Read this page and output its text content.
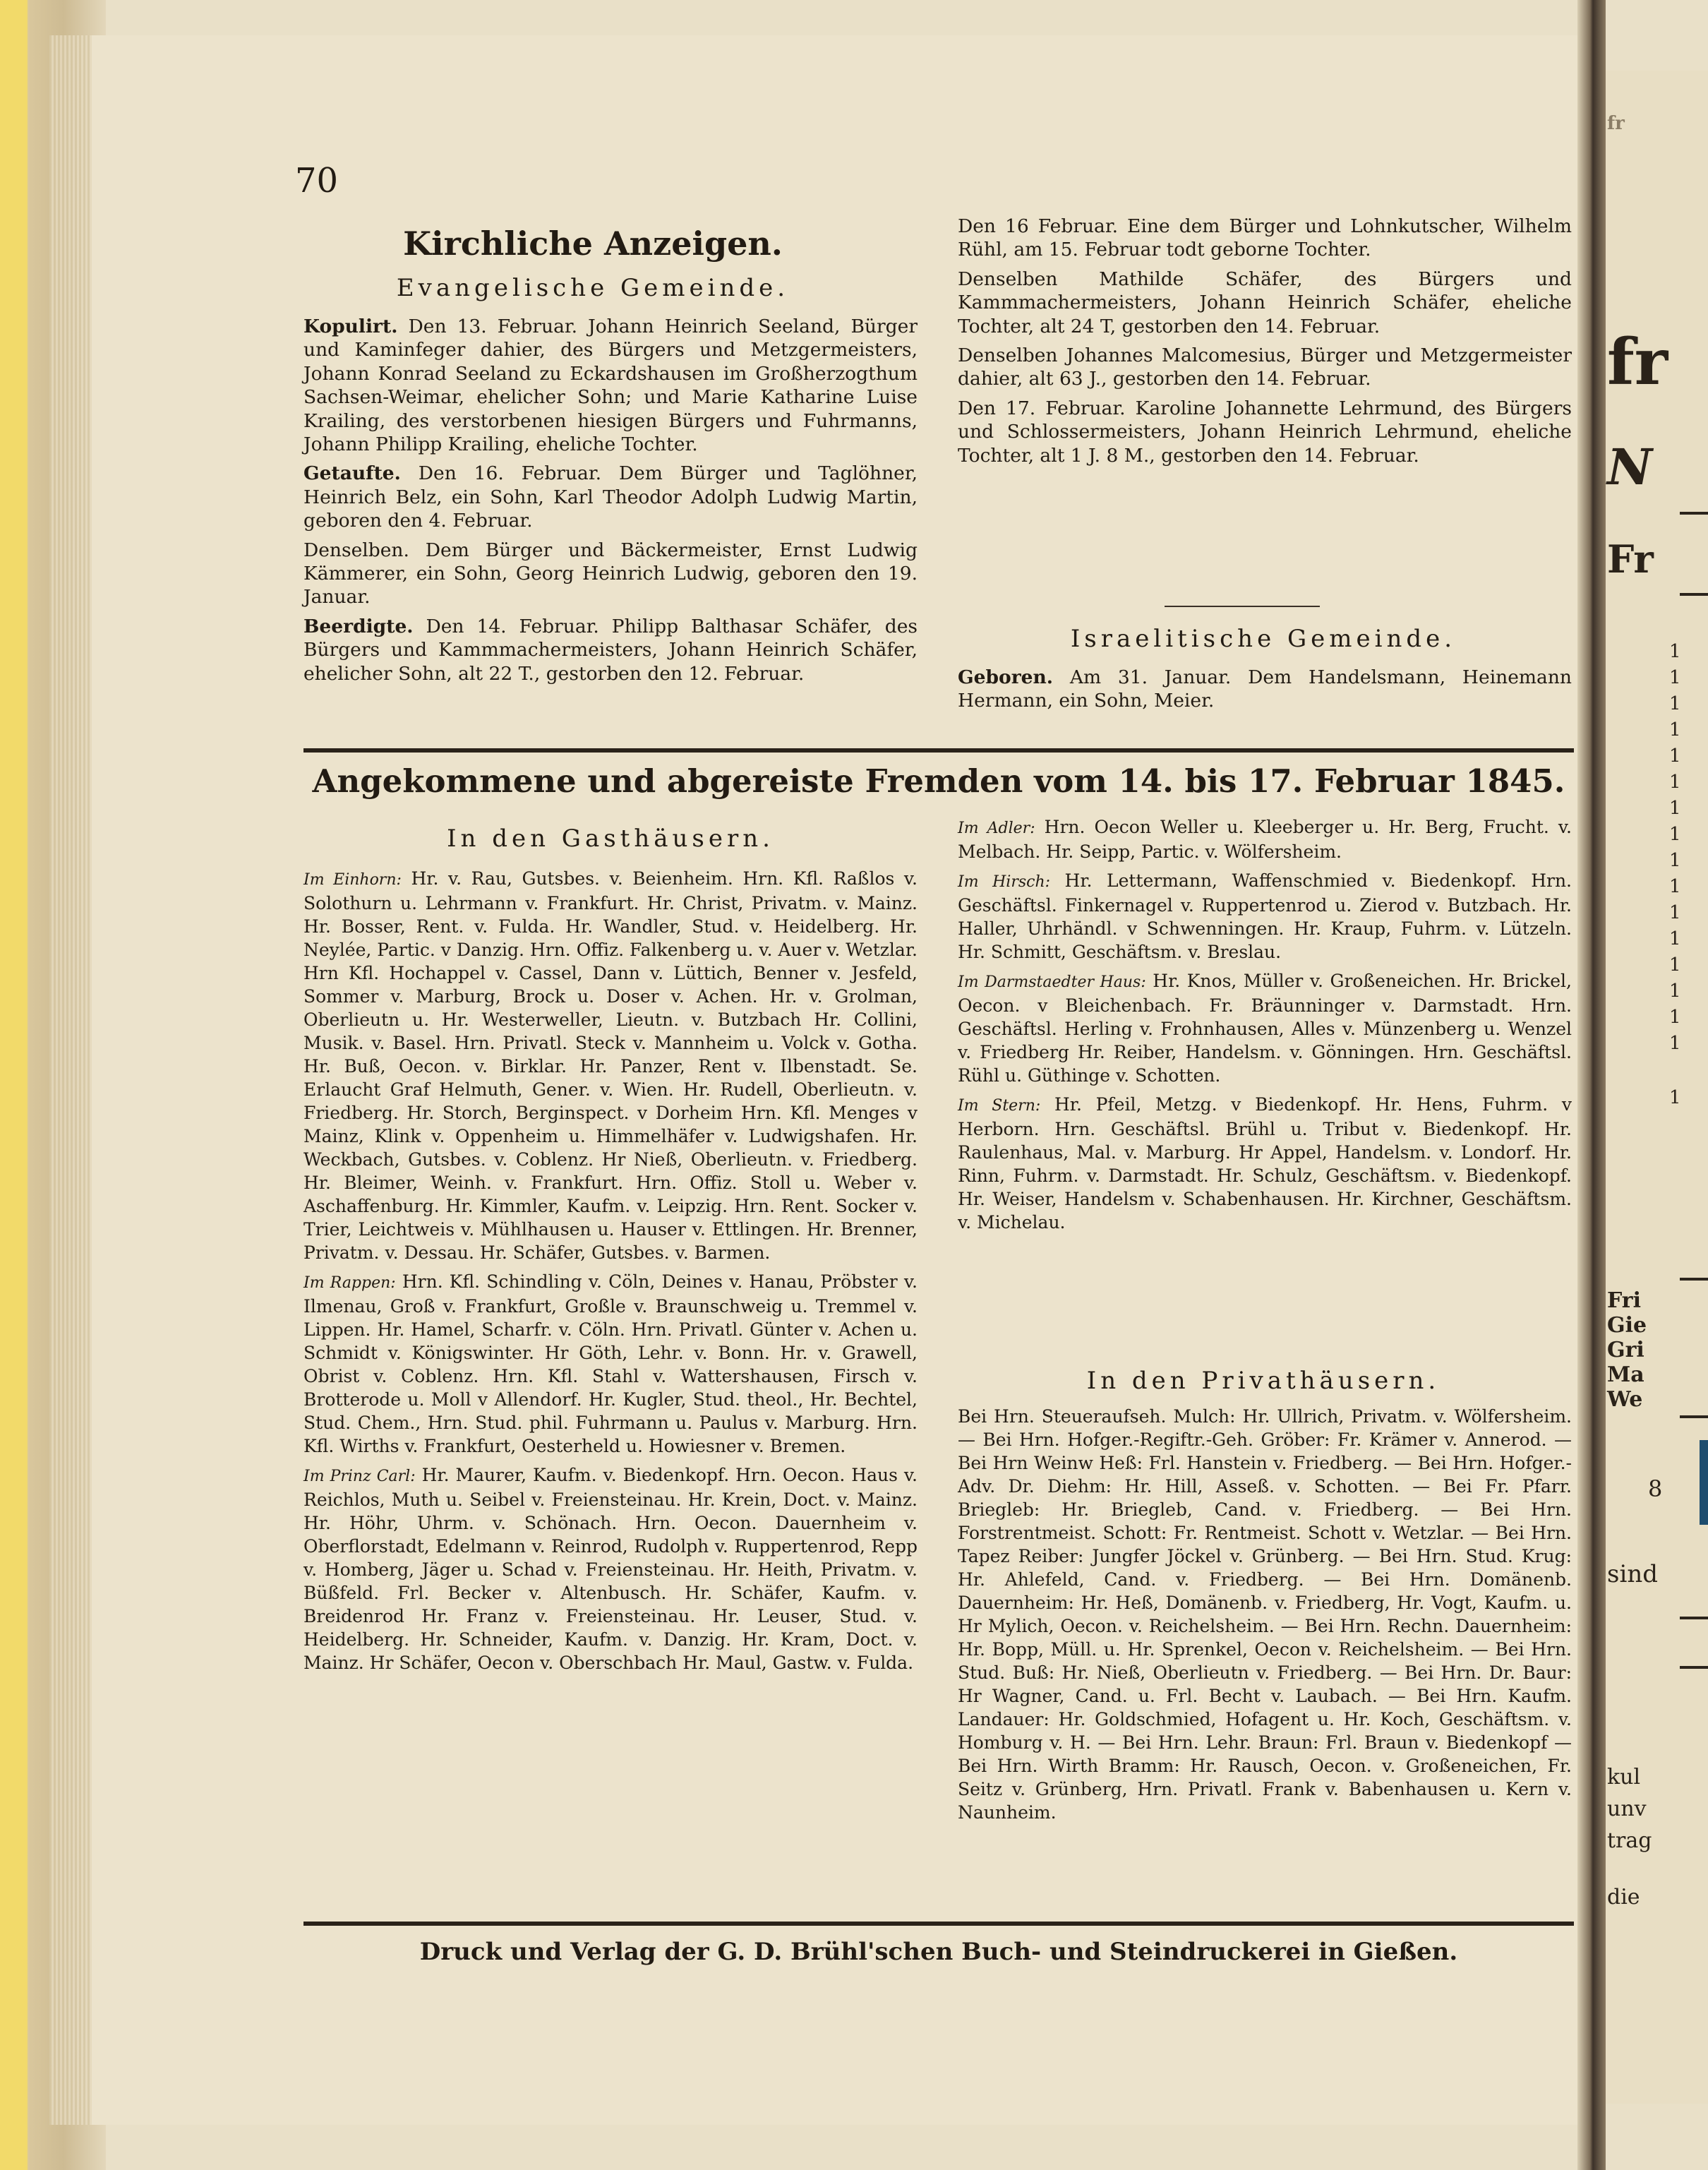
70
Kirchliche Anzeigen.
Evangelische Gemeinde.

Kopulirt. Den 13. Februar. Johann Heinrich Seeland, Bürger und Kaminfeger dahier, des Bürgers und Metzgermeisters, Johann Konrad Seeland zu Eckardshausen im Großherzogthum Sachsen-Weimar, ehelicher Sohn; und Marie Katharine Luise Krailing, des verstorbenen hiesigen Bürgers und Fuhrmanns, Johann Philipp Krailing, eheliche Tochter.

Getaufte. Den 16. Februar. Dem Bürger und Taglöhner, Heinrich Belz, ein Sohn, Karl Theodor Adolph Ludwig Martin, geboren den 4. Februar.

Denselben. Dem Bürger und Bäckermeister, Ernst Ludwig Kämmerer, ein Sohn, Georg Heinrich Ludwig, geboren den 19. Januar.

Beerdigte. Den 14. Februar. Philipp Balthasar Schäfer, des Bürgers und Kammmachermeisters, Johann Heinrich Schäfer, ehelicher Sohn, alt 22 T., gestorben den 12. Februar.

Den 16 Februar. Eine dem Bürger und Lohnkutscher, Wilhelm Rühl, am 15. Februar todt geborne Tochter.

Denselben Mathilde Schäfer, des Bürgers und Kammmachermeisters, Johann Heinrich Schäfer, eheliche Tochter, alt 24 T, gestorben den 14. Februar.

Denselben Johannes Malcomesius, Bürger und Metzgermeister dahier, alt 63 J., gestorben den 14. Februar.

Den 17. Februar. Karoline Johannette Lehrmund, des Bürgers und Schlossermeisters, Johann Heinrich Lehrmund, eheliche Tochter, alt 1 J. 8 M., gestorben den 14. Februar.

Israelitische Gemeinde.

Geboren. Am 31. Januar. Dem Handelsmann, Heinemann Hermann, ein Sohn, Meier.

Angekommene und abgereiste Fremden vom 14. bis 17. Februar 1845.
In den Gasthäusern.

Im Einhorn: Hr. v. Rau, Gutsbes. v. Beienheim. Hrn. Kfl. Raßlos v. Solothurn u. Lehrmann v. Frankfurt. Hr. Christ, Privatm. v. Mainz. Hr. Bosser, Rent. v. Fulda. Hr. Wandler, Stud. v. Heidelberg. Hr. Neylée, Partic. v Danzig. Hrn. Offiz. Falkenberg u. v. Auer v. Wetzlar. Hrn Kfl. Hochappel v. Cassel, Dann v. Lüttich, Benner v. Jesfeld, Sommer v. Marburg, Brock u. Doser v. Achen. Hr. v. Grolman, Oberlieutn u. Hr. Westerweller, Lieutn. v. Butzbach Hr. Collini, Musik. v. Basel. Hrn. Privatl. Steck v. Mannheim u. Volck v. Gotha. Hr. Buß, Oecon. v. Birklar. Hr. Panzer, Rent v. Ilbenstadt. Se. Erlaucht Graf Helmuth, Gener. v. Wien. Hr. Rudell, Oberlieutn. v. Friedberg. Hr. Storch, Berginspect. v Dorheim Hrn. Kfl. Menges v Mainz, Klink v. Oppenheim u. Himmelhäfer v. Ludwigshafen. Hr. Weckbach, Gutsbes. v. Coblenz. Hr Nieß, Oberlieutn. v. Friedberg. Hr. Bleimer, Weinh. v. Frankfurt. Hrn. Offiz. Stoll u. Weber v. Aschaffenburg. Hr. Kimmler, Kaufm. v. Leipzig. Hrn. Rent. Socker v. Trier, Leichtweis v. Mühlhausen u. Hauser v. Ettlingen. Hr. Brenner, Privatm. v. Dessau. Hr. Schäfer, Gutsbes. v. Barmen.

Im Rappen: Hrn. Kfl. Schindling v. Cöln, Deines v. Hanau, Pröbster v. Ilmenau, Groß v. Frankfurt, Großle v. Braunschweig u. Tremmel v. Lippen. Hr. Hamel, Scharfr. v. Cöln. Hrn. Privatl. Günter v. Achen u. Schmidt v. Königswinter. Hr Göth, Lehr. v. Bonn. Hr. v. Grawell, Obrist v. Coblenz. Hrn. Kfl. Stahl v. Wattershausen, Firsch v. Brotterode u. Moll v Allendorf. Hr. Kugler, Stud. theol., Hr. Bechtel, Stud. Chem., Hrn. Stud. phil. Fuhrmann u. Paulus v. Marburg. Hrn. Kfl. Wirths v. Frankfurt, Oesterheld u. Howiesner v. Bremen.

Im Prinz Carl: Hr. Maurer, Kaufm. v. Biedenkopf. Hrn. Oecon. Haus v. Reichlos, Muth u. Seibel v. Freiensteinau. Hr. Krein, Doct. v. Mainz. Hr. Höhr, Uhrm. v. Schönach. Hrn. Oecon. Dauernheim v. Oberflorstadt, Edelmann v. Reinrod, Rudolph v. Ruppertenrod, Repp v. Homberg, Jäger u. Schad v. Freiensteinau. Hr. Heith, Privatm. v. Büßfeld. Frl. Becker v. Altenbusch. Hr. Schäfer, Kaufm. v. Breidenrod Hr. Franz v. Freiensteinau. Hr. Leuser, Stud. v. Heidelberg. Hr. Schneider, Kaufm. v. Danzig. Hr. Kram, Doct. v. Mainz. Hr Schäfer, Oecon v. Oberschbach Hr. Maul, Gastw. v. Fulda.

Im Adler: Hrn. Oecon Weller u. Kleeberger u. Hr. Berg, Frucht. v. Melbach. Hr. Seipp, Partic. v. Wölfersheim.

Im Hirsch: Hr. Lettermann, Waffenschmied v. Biedenkopf. Hrn. Geschäftsl. Finkernagel v. Ruppertenrod u. Zierod v. Butzbach. Hr. Haller, Uhrhändl. v Schwenningen. Hr. Kraup, Fuhrm. v. Lützeln. Hr. Schmitt, Geschäftsm. v. Breslau.

Im Darmstaedter Haus: Hr. Knos, Müller v. Großeneichen. Hr. Brickel, Oecon. v Bleichenbach. Fr. Bräunninger v. Darmstadt. Hrn. Geschäftsl. Herling v. Frohnhausen, Alles v. Münzenberg u. Wenzel v. Friedberg Hr. Reiber, Handelsm. v. Gönningen. Hrn. Geschäftsl. Rühl u. Güthinge v. Schotten.

Im Stern: Hr. Pfeil, Metzg. v Biedenkopf. Hr. Hens, Fuhrm. v Herborn. Hrn. Geschäftsl. Brühl u. Tribut v. Biedenkopf. Hr. Raulenhaus, Mal. v. Marburg. Hr Appel, Handelsm. v. Londorf. Hr. Rinn, Fuhrm. v. Darmstadt. Hr. Schulz, Geschäftsm. v. Biedenkopf. Hr. Weiser, Handelsm v. Schabenhausen. Hr. Kirchner, Geschäftsm. v. Michelau.

In den Privathäusern.

Bei Hrn. Steueraufseh. Mulch: Hr. Ullrich, Privatm. v. Wölfersheim. — Bei Hrn. Hofger.-Regiftr.-Geh. Gröber: Fr. Krämer v. Annerod. — Bei Hrn Weinw Heß: Frl. Hanstein v. Friedberg. — Bei Hrn. Hofger.-Adv. Dr. Diehm: Hr. Hill, Asseß. v. Schotten. — Bei Fr. Pfarr. Briegleb: Hr. Briegleb, Cand. v. Friedberg. — Bei Hrn. Forstrentmeist. Schott: Fr. Rentmeist. Schott v. Wetzlar. — Bei Hrn. Tapez Reiber: Jungfer Jöckel v. Grünberg. — Bei Hrn. Stud. Krug: Hr. Ahlefeld, Cand. v. Friedberg. — Bei Hrn. Domänenb. Dauernheim: Hr. Heß, Domänenb. v. Friedberg, Hr. Vogt, Kaufm. u. Hr Mylich, Oecon. v. Reichelsheim. — Bei Hrn. Rechn. Dauernheim: Hr. Bopp, Müll. u. Hr. Sprenkel, Oecon v. Reichelsheim. — Bei Hrn. Stud. Buß: Hr. Nieß, Oberlieutn v. Friedberg. — Bei Hrn. Dr. Baur: Hr Wagner, Cand. u. Frl. Becht v. Laubach. — Bei Hrn. Kaufm. Landauer: Hr. Goldschmied, Hofagent u. Hr. Koch, Geschäftsm. v. Homburg v. H. — Bei Hrn. Lehr. Braun: Frl. Braun v. Biedenkopf — Bei Hrn. Wirth Bramm: Hr. Rausch, Oecon. v. Großeneichen, Fr. Seitz v. Grünberg, Hrn. Privatl. Frank v. Babenhausen u. Kern v. Naunheim.

Druck und Verlag der G. D. Brühl'schen Buch- und Steindruckerei in Gießen.
fr
fr
N
Fr
Fri
Gie
Gri
Ma
We
8
sind
kul
unv
trag
die
1
1
1
1
1
1
1
1
1
1
1
1
1
1
1
1
1
